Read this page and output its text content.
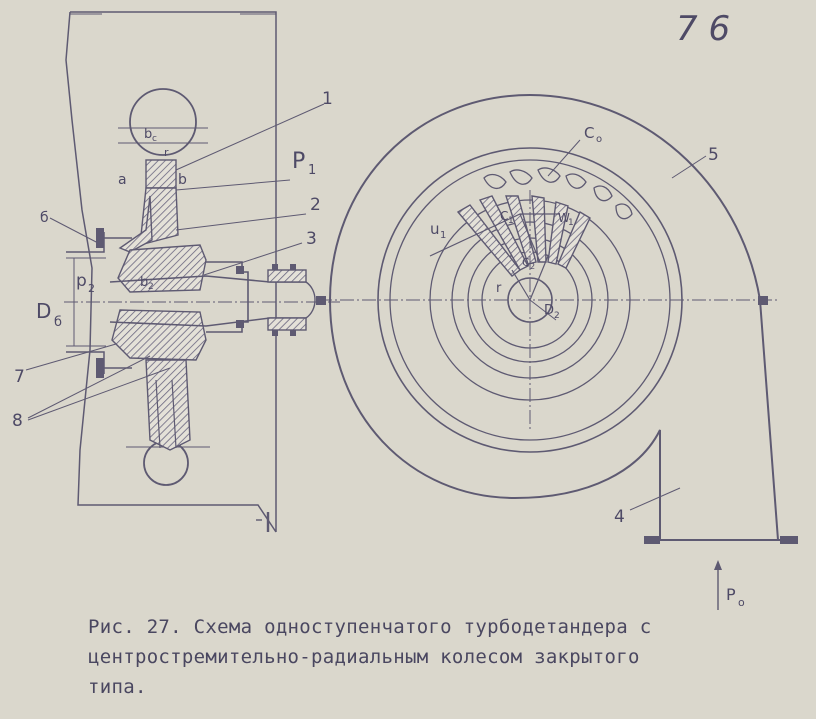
7 6
1
2
3
4
5
б
7
8
P 1
p 2
P o
D б
b c
b 2
a	b
r
C o
C 1
u 1
W
1
C 2
r
D 2
Рис. 27. Схема одноступенчатого турбодетандера с
центростремительно-радиальным колесом закрытого
типа.
